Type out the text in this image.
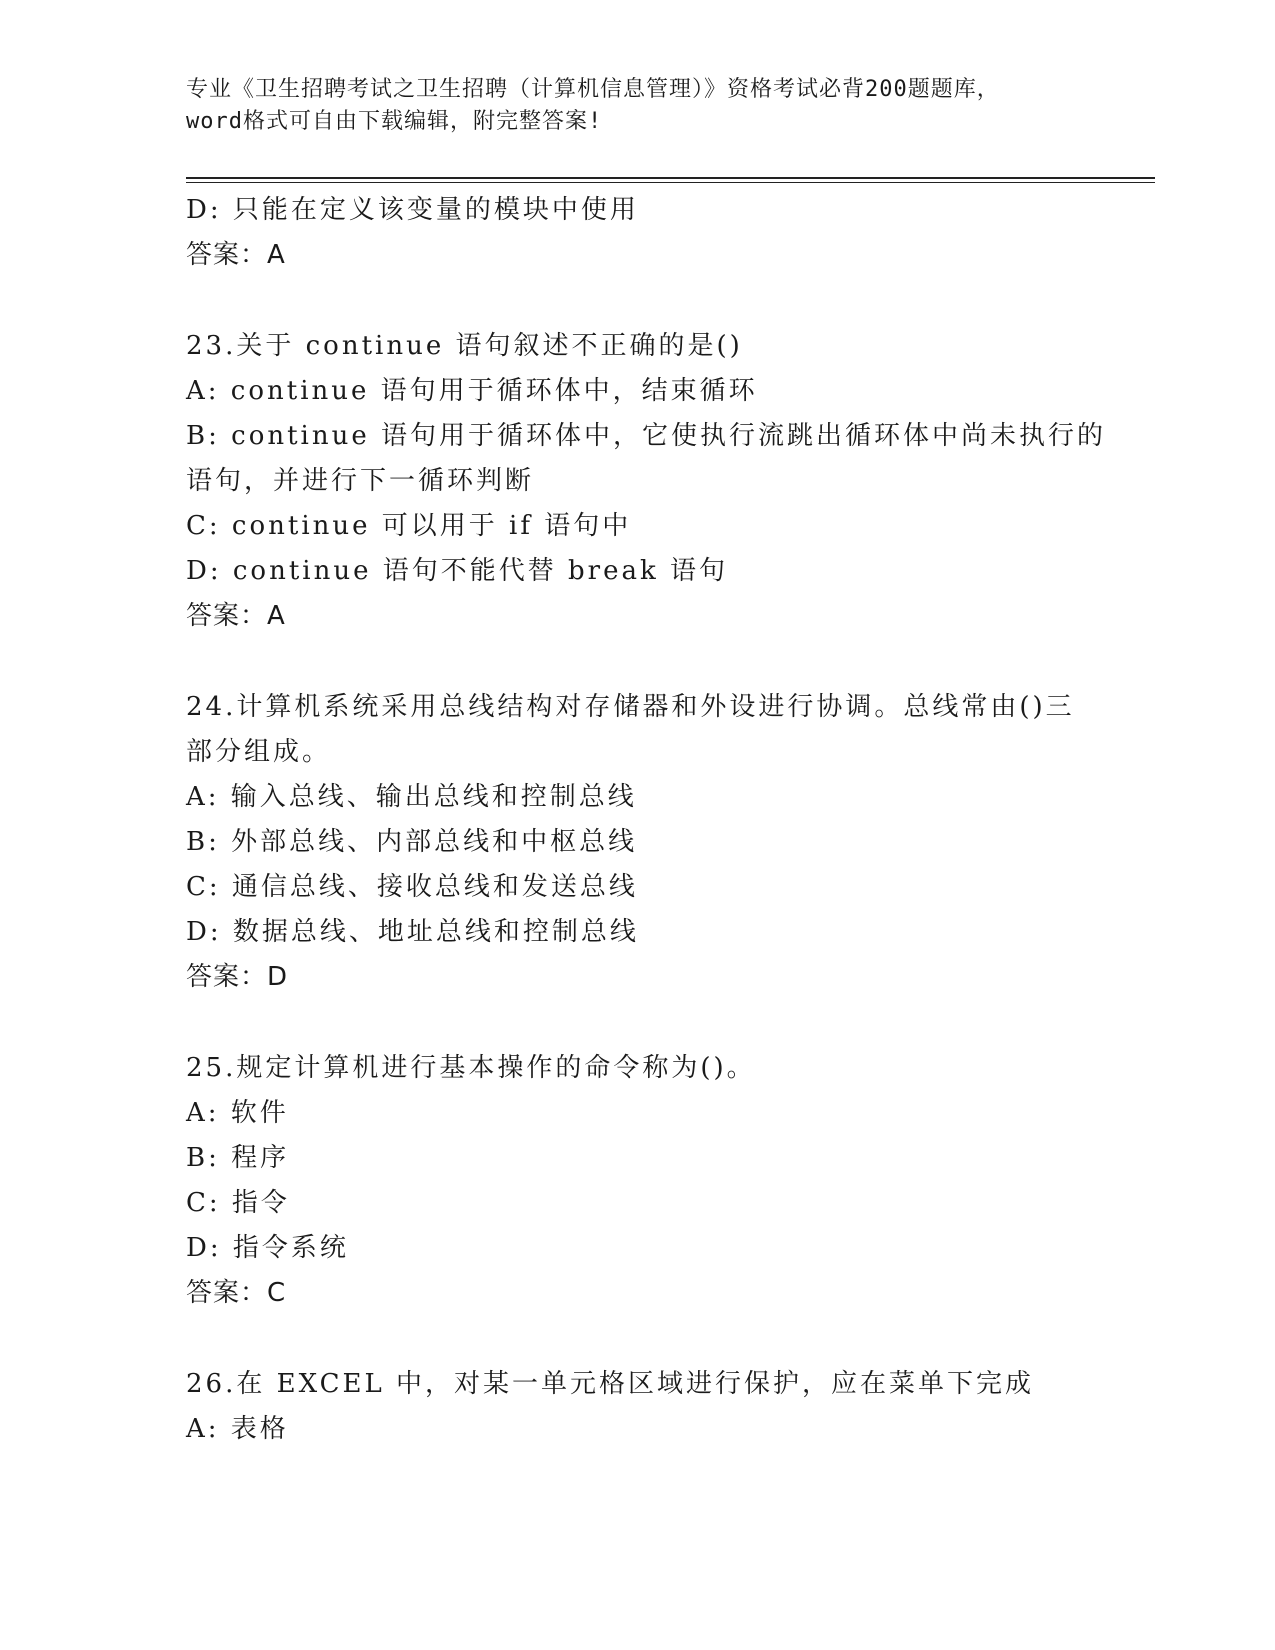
专业《卫生招聘考试之卫生招聘（计算机信息管理）》资格考试必背200题题库，
word格式可自由下载编辑，附完整答案!
D: 只能在定义该变量的模块中使用
答案：A
23.关于 continue 语句叙述不正确的是()
A: continue 语句用于循环体中，结束循环
B: continue 语句用于循环体中，它使执行流跳出循环体中尚未执行的
语句，并进行下一循环判断
C: continue 可以用于 if 语句中
D: continue 语句不能代替 break 语句
答案：A
24.计算机系统采用总线结构对存储器和外设进行协调。总线常由()三
部分组成。
A: 输入总线、输出总线和控制总线
B: 外部总线、内部总线和中枢总线
C: 通信总线、接收总线和发送总线
D: 数据总线、地址总线和控制总线
答案：D
25.规定计算机进行基本操作的命令称为()。
A: 软件
B: 程序
C: 指令
D: 指令系统
答案：C
26.在 EXCEL 中，对某一单元格区域进行保护，应在菜单下完成
A: 表格
